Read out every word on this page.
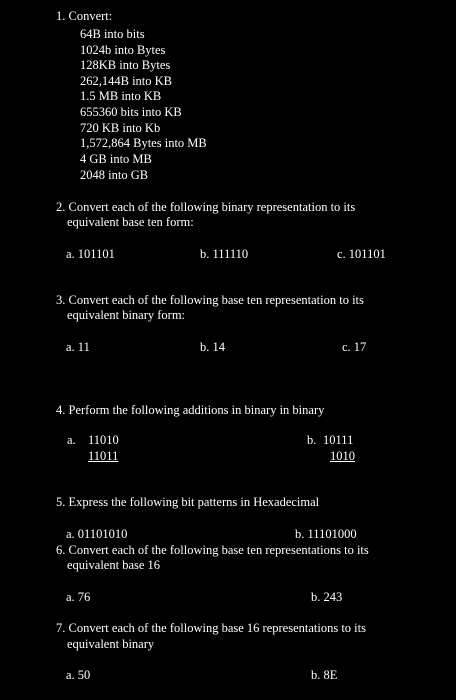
1. Convert:
64B into bits
1024b into Bytes
128KB into Bytes
262,144B into KB
1.5 MB into KB
655360 bits into KB
720 KB into Kb
1,572,864 Bytes into MB
4 GB into MB
2048 into GB
2. Convert each of the following binary representation to its
equivalent base ten form:
a. 101101	b. 111110	c. 101101
3. Convert each of the following base ten representation to its
equivalent binary form:
a. 11	b. 14	c. 17
4. Perform the following additions in binary in binary
a. 11010
11011
b. 10111
1010
5. Express the following bit patterns in Hexadecimal
a. 01101010	b. 11101000
6. Convert each of the following base ten representations to its
equivalent base 16
a. 76	b. 243
7. Convert each of the following base 16 representations to its
equivalent binary
a. 50	b. 8E
